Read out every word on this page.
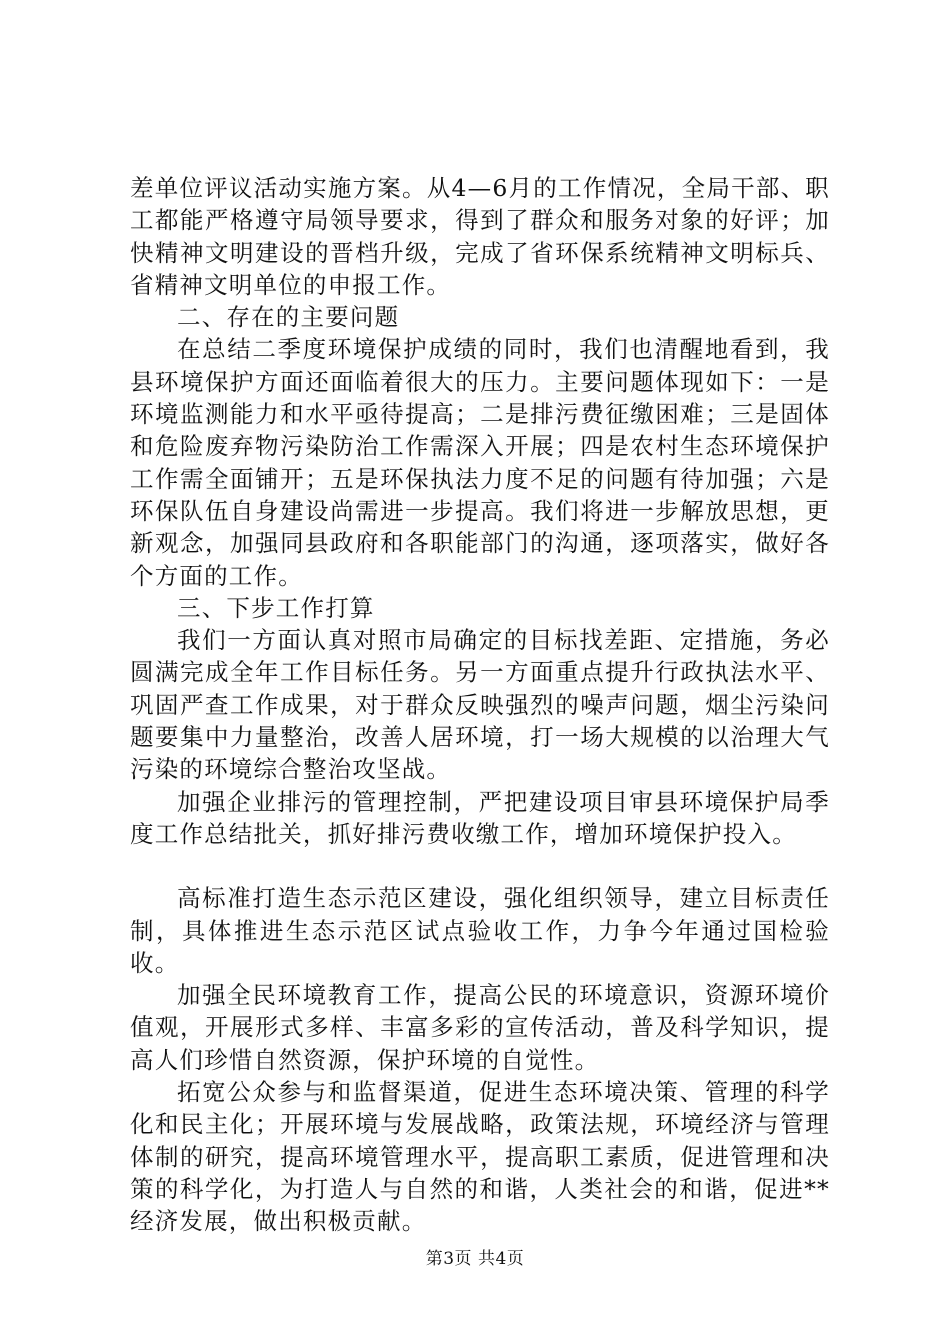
差单位评议活动实施方案。从4—6月的工作情况，全局干部、职工都能严格遵守局领导要求，得到了群众和服务对象的好评；加快精神文明建设的晋档升级，完成了省环保系统精神文明标兵、省精神文明单位的申报工作。

二、存在的主要问题

在总结二季度环境保护成绩的同时，我们也清醒地看到，我县环境保护方面还面临着很大的压力。主要问题体现如下：一是环境监测能力和水平亟待提高；二是排污费征缴困难；三是固体和危险废弃物污染防治工作需深入开展；四是农村生态环境保护工作需全面铺开；五是环保执法力度不足的问题有待加强；六是环保队伍自身建设尚需进一步提高。我们将进一步解放思想，更新观念，加强同县政府和各职能部门的沟通，逐项落实，做好各个方面的工作。

三、下步工作打算

我们一方面认真对照市局确定的目标找差距、定措施，务必圆满完成全年工作目标任务。另一方面重点提升行政执法水平、巩固严查工作成果，对于群众反映强烈的噪声问题，烟尘污染问题要集中力量整治，改善人居环境，打一场大规模的以治理大气污染的环境综合整治攻坚战。

加强企业排污的管理控制，严把建设项目审县环境保护局季度工作总结批关，抓好排污费收缴工作，增加环境保护投入。

高标准打造生态示范区建设，强化组织领导，建立目标责任制，具体推进生态示范区试点验收工作，力争今年通过国检验收。

加强全民环境教育工作，提高公民的环境意识，资源环境价值观，开展形式多样、丰富多彩的宣传活动，普及科学知识，提高人们珍惜自然资源，保护环境的自觉性。

拓宽公众参与和监督渠道，促进生态环境决策、管理的科学化和民主化；开展环境与发展战略，政策法规，环境经济与管理体制的研究，提高环境管理水平，提高职工素质，促进管理和决策的科学化，为打造人与自然的和谐，人类社会的和谐，促进**经济发展，做出积极贡献。

第3页 共4页
